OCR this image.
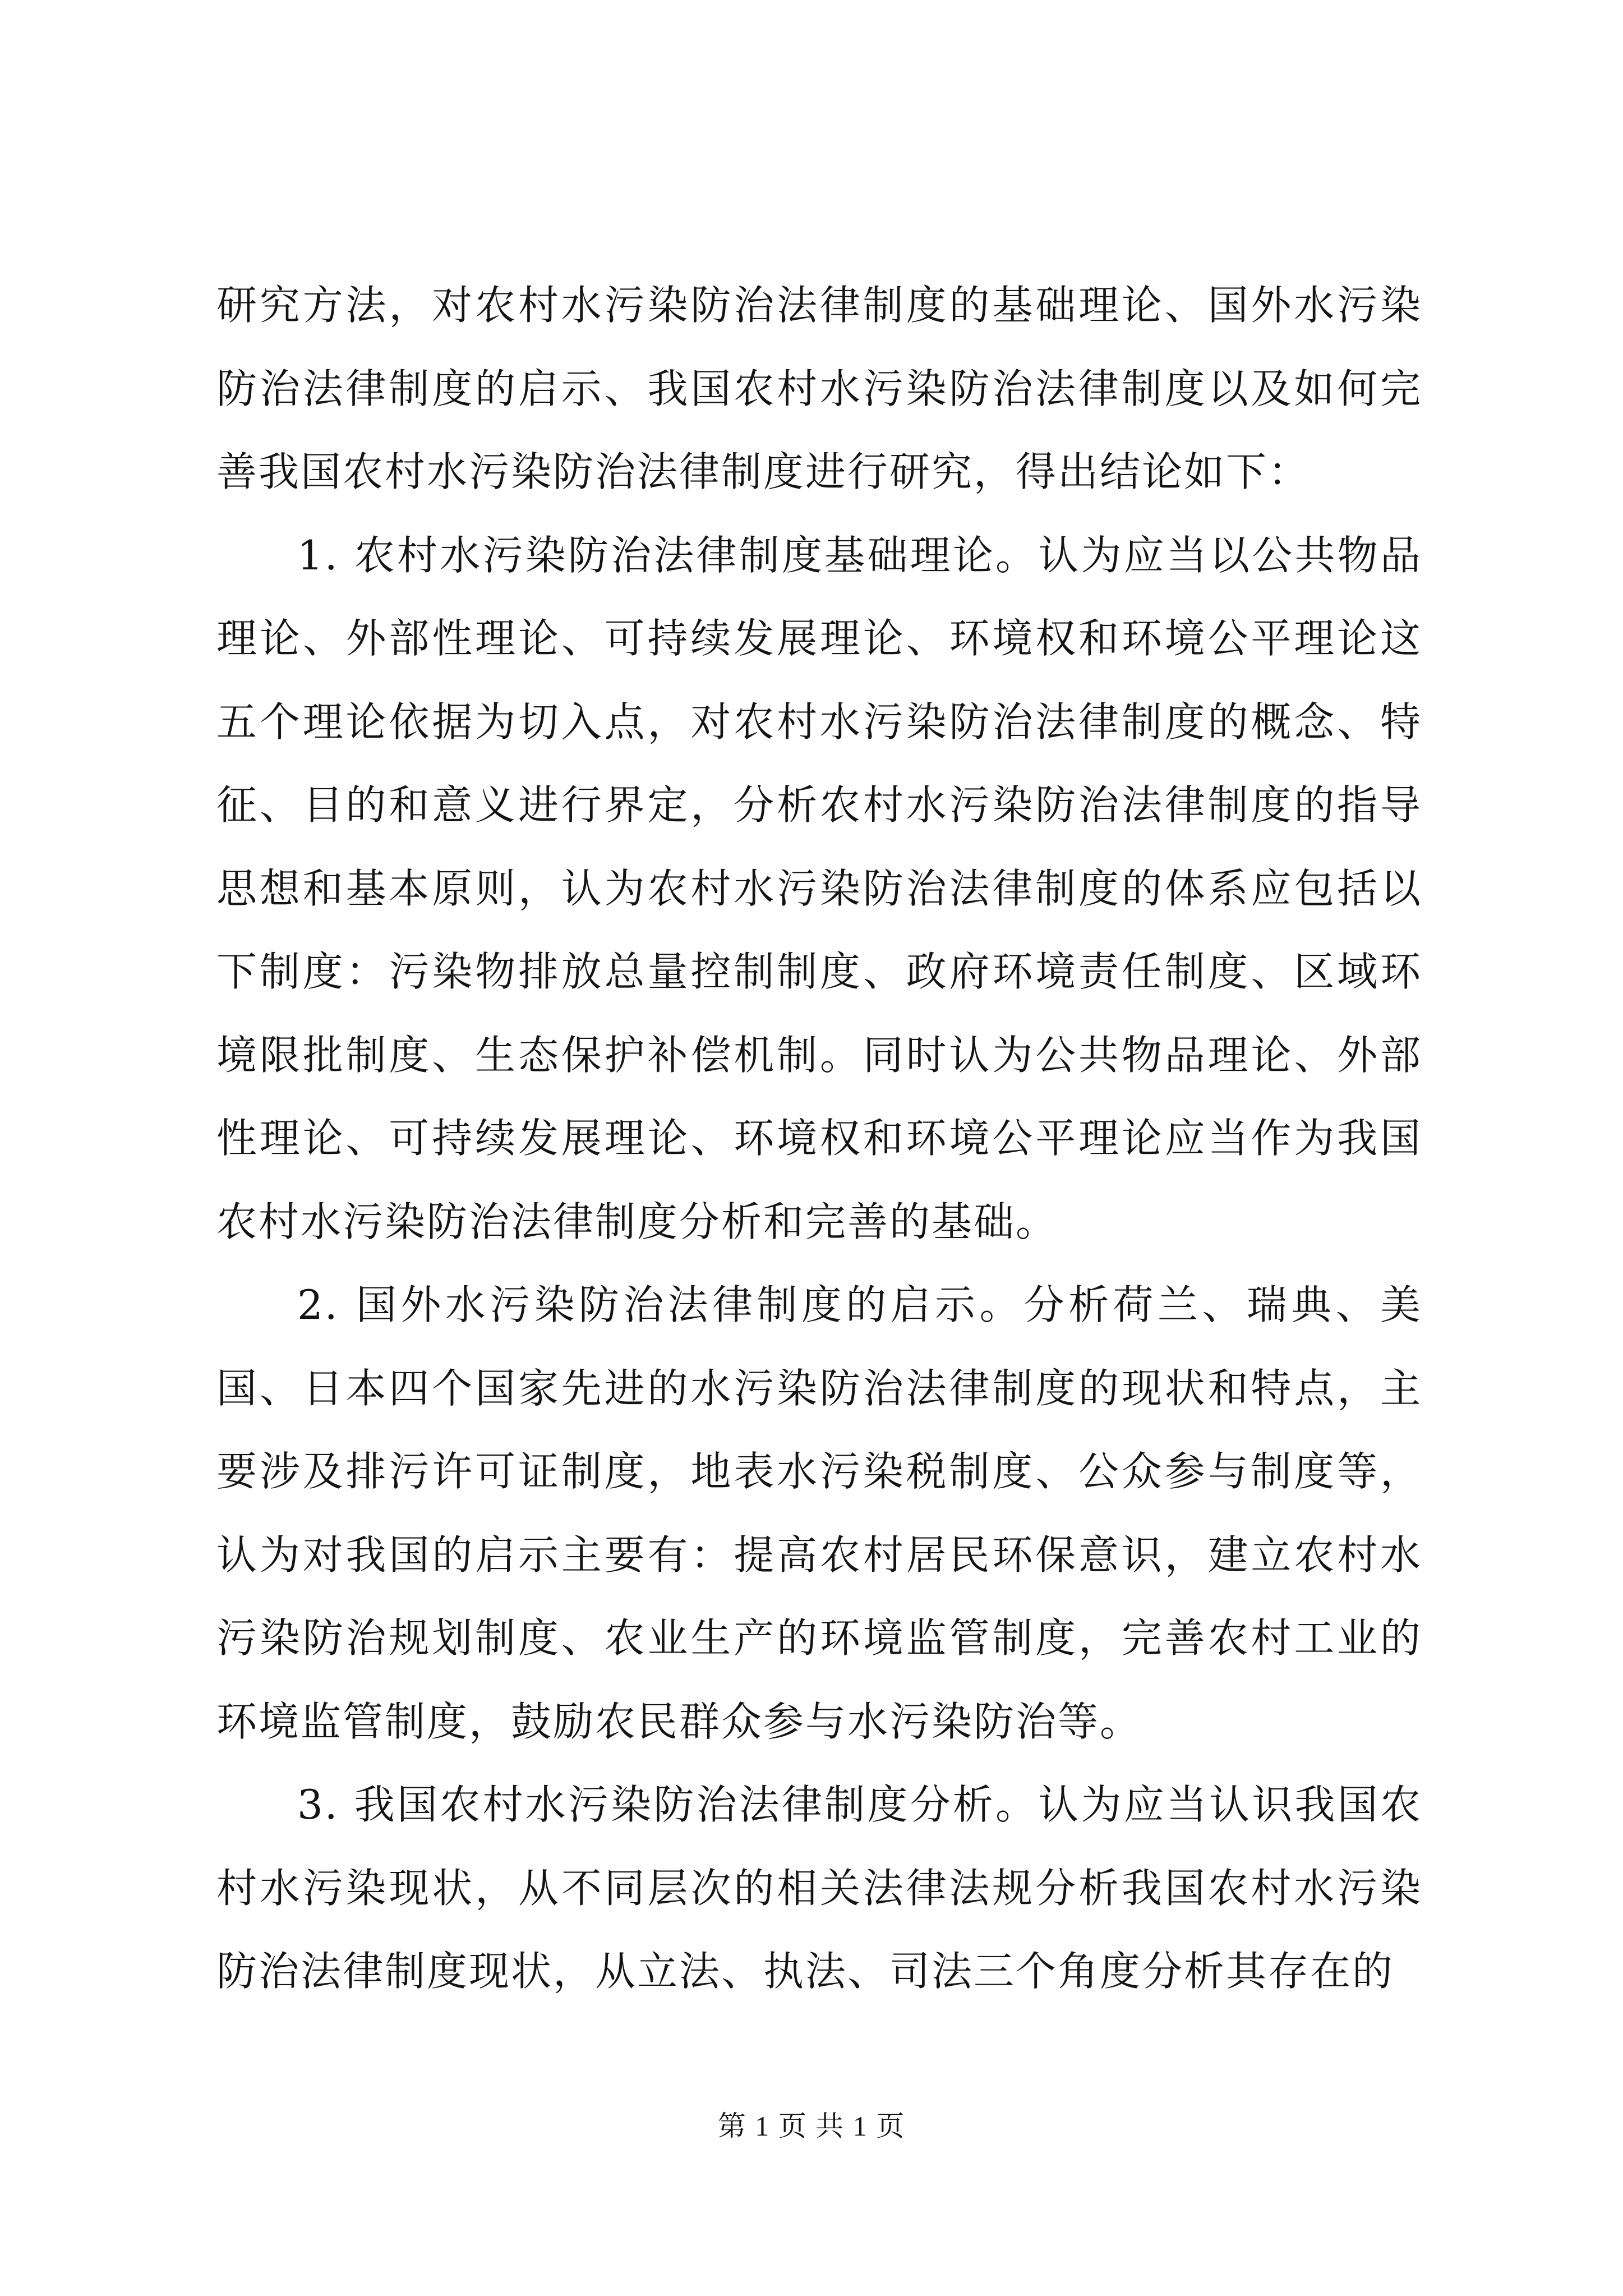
研究方法，对农村水污染防治法律制度的基础理论、国外水污染防治法律制度的启示、我国农村水污染防治法律制度以及如何完善我国农村水污染防治法律制度进行研究，得出结论如下：

1. 农村水污染防治法律制度基础理论。认为应当以公共物品理论、外部性理论、可持续发展理论、环境权和环境公平理论这五个理论依据为切入点，对农村水污染防治法律制度的概念、特征、目的和意义进行界定，分析农村水污染防治法律制度的指导思想和基本原则，认为农村水污染防治法律制度的体系应包括以下制度：污染物排放总量控制制度、政府环境责任制度、区域环境限批制度、生态保护补偿机制。同时认为公共物品理论、外部性理论、可持续发展理论、环境权和环境公平理论应当作为我国农村水污染防治法律制度分析和完善的基础。

2. 国外水污染防治法律制度的启示。分析荷兰、瑞典、美国、日本四个国家先进的水污染防治法律制度的现状和特点，主要涉及排污许可证制度，地表水污染税制度、公众参与制度等，认为对我国的启示主要有：提高农村居民环保意识，建立农村水污染防治规划制度、农业生产的环境监管制度，完善农村工业的环境监管制度，鼓励农民群众参与水污染防治等。

3. 我国农村水污染防治法律制度分析。认为应当认识我国农村水污染现状，从不同层次的相关法律法规分析我国农村水污染防治法律制度现状，从立法、执法、司法三个角度分析其存在的

第 1 页 共 1 页
